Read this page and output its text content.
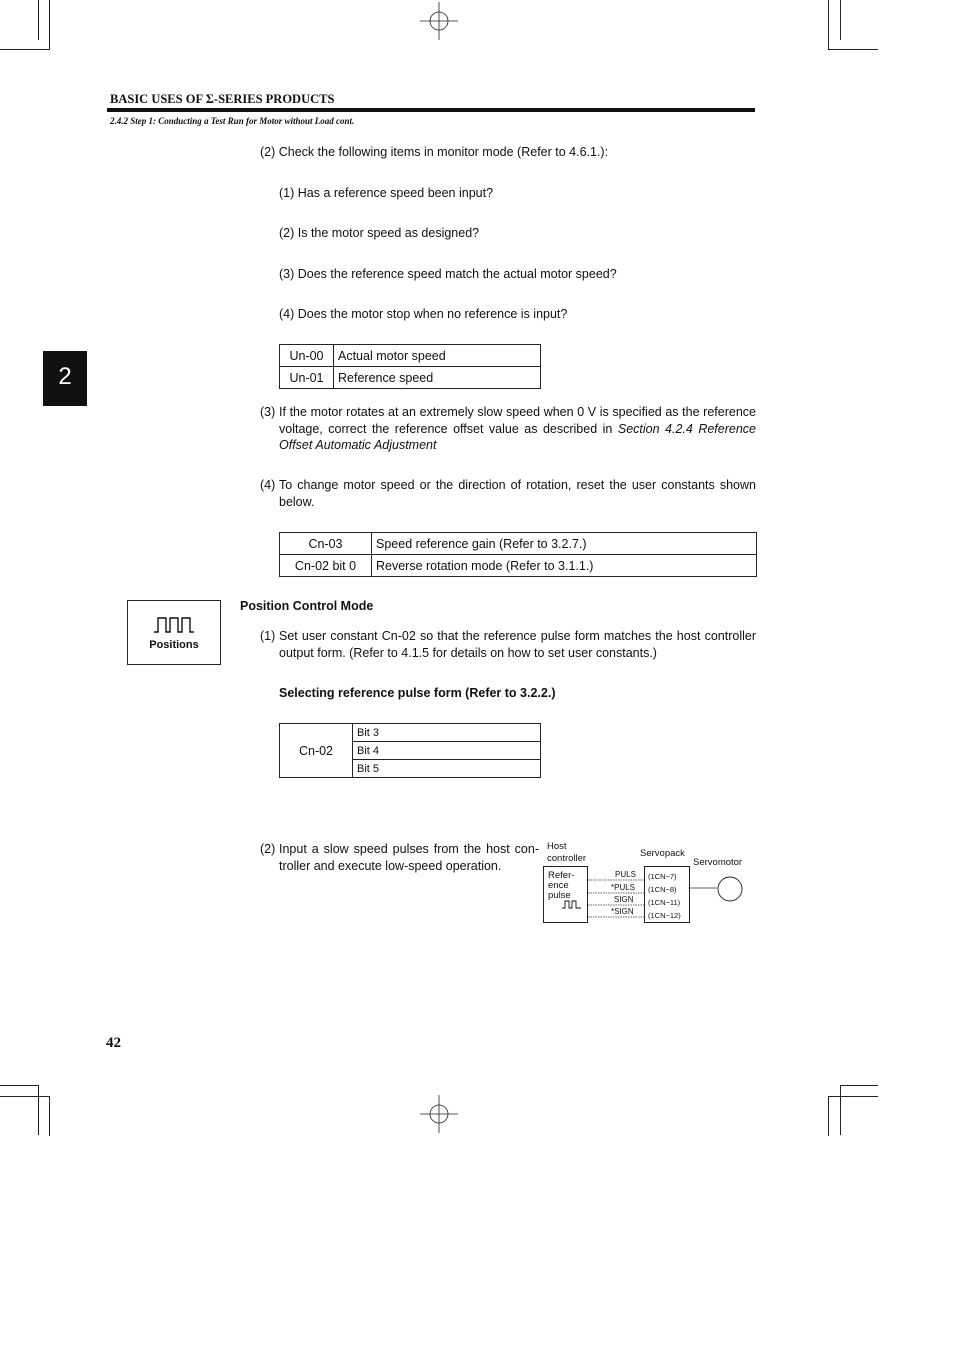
BASIC USES OF Σ-SERIES PRODUCTS
2.4.2 Step 1: Conducting a Test Run for Motor without Load cont.
2
(2) Check the following items in monitor mode (Refer to 4.6.1.):
(1) Has a reference speed been input?
(2) Is the motor speed as designed?
(3) Does the reference speed match the actual motor speed?
(4) Does the motor stop when no reference is input?
Un-00	Actual motor speed
Un-01	Reference speed
(3) If the motor rotates at an extremely slow speed when 0 V is specified as the reference voltage, correct the reference offset value as described in Section 4.2.4 Reference Offset Automatic Adjustment
(4) To change motor speed or the direction of rotation, reset the user constants shown below.
Cn-03	Speed reference gain (Refer to 3.2.7.)
Cn-02 bit 0	Reverse rotation mode (Refer to 3.1.1.)
Positions
Position Control Mode
(1) Set user constant Cn-02 so that the reference pulse form matches the host controller output form. (Refer to 4.1.5 for details on how to set user constants.)
Selecting reference pulse form (Refer to 3.2.2.)
Cn-02	Bit 3
Bit 4
Bit 5
(2) Input a slow speed pulses from the host con-troller and execute low-speed operation.
Host
controller	Servopack
Servomotor
Refer-
ence
pulse
(1CN−7)
(1CN−8)
(1CN−11)
(1CN−12)
PULS
*PULS
SIGN
*SIGN
42
